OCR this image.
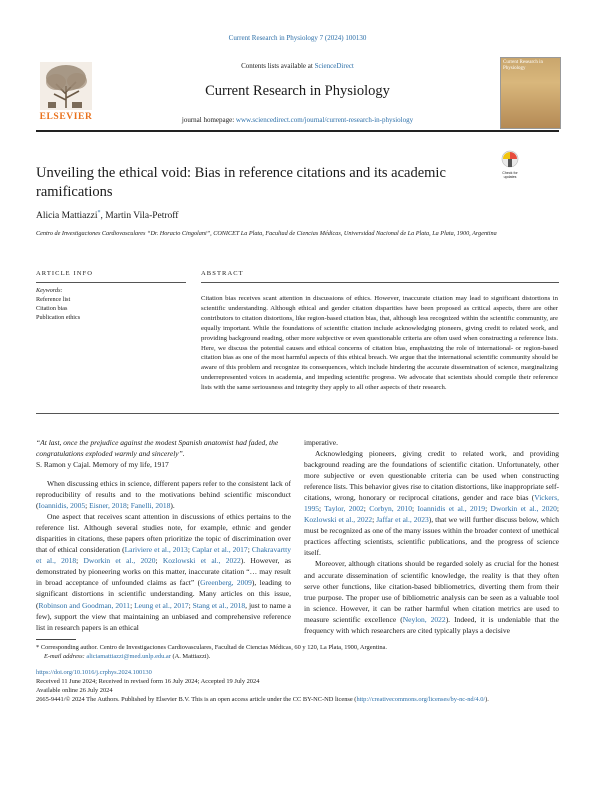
Current Research in Physiology 7 (2024) 100130
ELSEVIER
Contents lists available at ScienceDirect
Current Research in Physiology
journal homepage: www.sciencedirect.com/journal/current-research-in-physiology
Current Research in Physiology
Unveiling the ethical void: Bias in reference citations and its academic ramifications
Check for updates
Alicia Mattiazzi*, Martin Vila-Petroff
Centro de Investigaciones Cardiovasculares “Dr. Horacio Cingolani”, CONICET La Plata, Facultad de Ciencias Médicas, Universidad Nacional de La Plata, La Plata, 1900, Argentina
ARTICLE INFO	ABSTRACT
Keywords:
Reference list
Citation bias
Publication ethics
Citation bias receives scant attention in discussions of ethics. However, inaccurate citation may lead to significant distortions in scientific understanding. Although ethical and gender citation disparities have been proposed as critical aspects, there are other contributors to citation distortions, like region-based citation bias, that, although less recognized within the scientific community, are equally important. While the foundations of scientific citation include acknowledging pioneers, giving credit to related work, and providing background reading, other more subjective or even questionable criteria are often used when constructing a reference lists. Here, we discuss the potential causes and ethical concerns of citation bias, emphasizing the role of international- or region-based citation bias as one of the most harmful aspects of this ethical breach. We argue that the international scientific community should be aware of this problem and recognize its consequences, which include hindering the accurate dissemination of science, marginalizing underrepresented voices in academia, and impeding scientific progress. We advocate that scientists should compile their reference lists with the same seriousness and integrity they apply to all other aspects of their research.
“At last, once the prejudice against the modest Spanish anatomist had faded, the congratulations exploded warmly and sincerely”.
S. Ramon y Cajal. Memory of my life, 1917

When discussing ethics in science, different papers refer to the consistent lack of reproducibility of results and to the motivations behind scientific misconduct (Ioannidis, 2005; Eisner, 2018; Fanelli, 2018).

One aspect that receives scant attention in discussions of ethics pertains to the reference list. Although several studies note, for example, ethnic and gender disparities in citations, these papers often prioritize the topic of discrimination over that of ethical consideration (Lariviere et al., 2013; Caplar et al., 2017; Chakravartty et al., 2018; Dworkin et al., 2020; Kozlowski et al., 2022). However, as demonstrated by pioneering works on this matter, inaccurate citation “… may result in broad acceptance of unfounded claims as fact” (Greenberg, 2009), leading to significant distortions in scientific understanding. Many articles on this issue, (Robinson and Goodman, 2011; Leung et al., 2017; Stang et al., 2018, just to name a few), support the view that maintaining an unbiased and comprehensive reference list in research papers is an ethical

imperative.

Acknowledging pioneers, giving credit to related work, and providing background reading are the foundations of scientific citation. Unfortunately, other more subjective or even questionable criteria can be used when constructing reference lists. This behavior gives rise to citation distortions, like inappropriate self-citations, wrong, honorary or reciprocal citations, gender and race bias (Vickers, 1995; Taylor, 2002; Corbyn, 2010; Ioannidis et al., 2019; Dworkin et al., 2020; Kozlowski et al., 2022; Jaffar et al., 2023), that we will further discuss below, which must be recognized as one of the many issues within the broader context of unethical practices affecting scientists, scientific publications, and the progress of science itself.

Moreover, although citations should be regarded solely as crucial for the honest and accurate dissemination of scientific knowledge, the reality is that they often serve other functions, like citation-based bibliometrics, diverting them from their true purpose. The proper use of bibliometric analysis can be seen as a valuable tool in science. However, it can be rather harmful when citation metrics are used to measure scientific excellence (Neylon, 2022). Indeed, it is undeniable that the frequency with which researchers are cited typically plays a decisive

* Corresponding author. Centro de Investigaciones Cardiovasculares, Facultad de Ciencias Médicas, 60 y 120, La Plata, 1900, Argentina.
E-mail address: aliciamattiazzi@med.unlp.edu.ar (A. Mattiazzi).
https://doi.org/10.1016/j.crphys.2024.100130
Received 11 June 2024; Received in revised form 16 July 2024; Accepted 19 July 2024
Available online 26 July 2024
2665-9441/© 2024 The Authors. Published by Elsevier B.V. This is an open access article under the CC BY-NC-ND license (http://creativecommons.org/licenses/by-nc-nd/4.0/).
